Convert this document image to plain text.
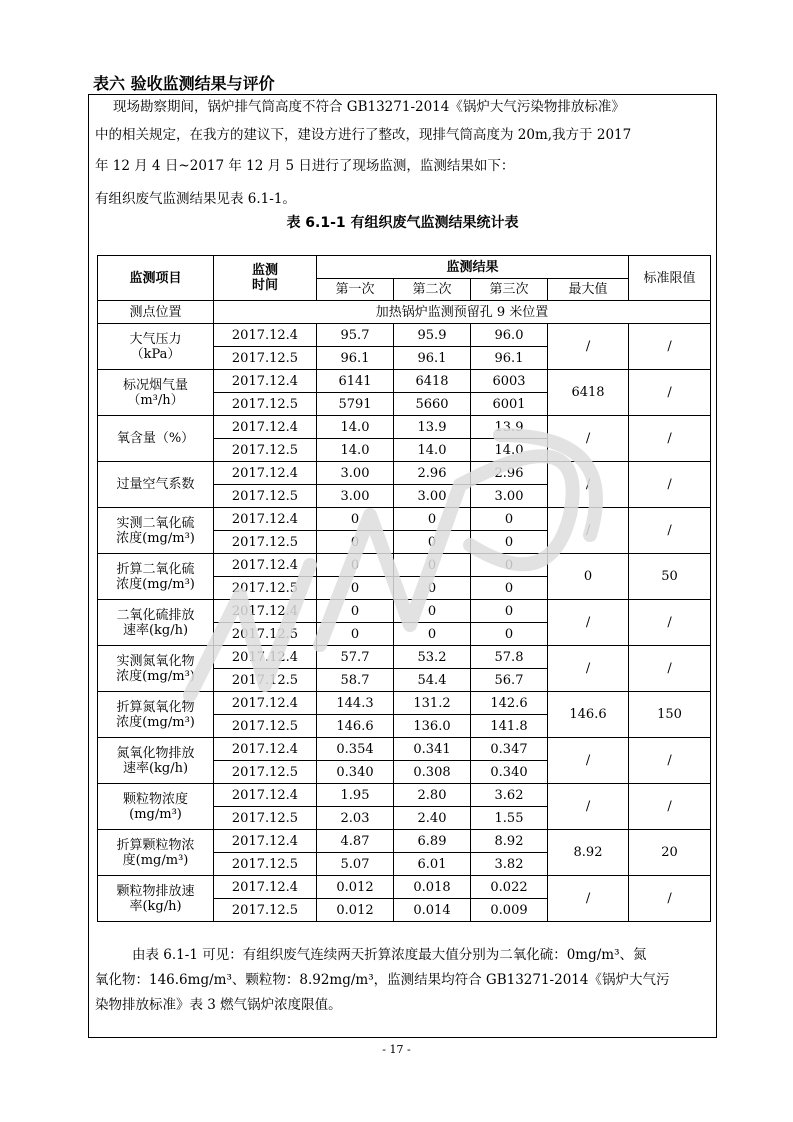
表六 验收监测结果与评价
现场勘察期间，锅炉排气筒高度不符合 GB13271-2014《锅炉大气污染物排放标准》
中的相关规定，在我方的建议下，建设方进行了整改，现排气筒高度为 20m,我方于 2017
年 12 月 4 日~2017 年 12 月 5 日进行了现场监测，监测结果如下：
有组织废气监测结果见表 6.1-1。
表 6.1-1 有组织废气监测结果统计表
监测项目	监测
时间	监测结果				标准限值
		第一次	第二次	第三次	最大值	
测点位置	加热锅炉监测预留孔 9 米位置					

大气压力
（kPa）	2017.12.4	95.7	95.9	96.0	/	/
	2017.12.5	96.1	96.1	96.1		

标况烟气量
（m³/h）	2017.12.4	6141	6418	6003	6418	/
	2017.12.5	5791	5660	6001		

氧含量（%）	2017.12.4	14.0	13.9	13.9	/	/
	2017.12.5	14.0	14.0	14.0		

过量空气系数	2017.12.4	3.00	2.96	2.96	/	/
	2017.12.5	3.00	3.00	3.00		

实测二氧化硫
浓度(mg/m³)	2017.12.4	0	0	0	/	/
	2017.12.5	0	0	0		

折算二氧化硫
浓度(mg/m³)	2017.12.4	0	0	0	0	50
	2017.12.5	0	0	0		

二氧化硫排放
速率(kg/h)	2017.12.4	0	0	0	/	/
	2017.12.5	0	0	0		

实测氮氧化物
浓度(mg/m³)	2017.12.4	57.7	53.2	57.8	/	/
	2017.12.5	58.7	54.4	56.7		

折算氮氧化物
浓度(mg/m³)	2017.12.4	144.3	131.2	142.6	146.6	150
	2017.12.5	146.6	136.0	141.8		

氮氧化物排放
速率(kg/h)	2017.12.4	0.354	0.341	0.347	/	/
	2017.12.5	0.340	0.308	0.340		

颗粒物浓度
(mg/m³)	2017.12.4	1.95	2.80	3.62	/	/
	2017.12.5	2.03	2.40	1.55		

折算颗粒物浓
度(mg/m³)	2017.12.4	4.87	6.89	8.92	8.92	20
	2017.12.5	5.07	6.01	3.82		

颗粒物排放速
率(kg/h)	2017.12.4	0.012	0.018	0.022	/	/
	2017.12.5	0.012	0.014	0.009		
由表 6.1-1 可见：有组织废气连续两天折算浓度最大值分别为二氧化硫：0mg/m³、氮
氧化物：146.6mg/m³、颗粒物：8.92mg/m³，监测结果均符合 GB13271-2014《锅炉大气污
染物排放标准》表 3 燃气锅炉浓度限值。
- 17 -
